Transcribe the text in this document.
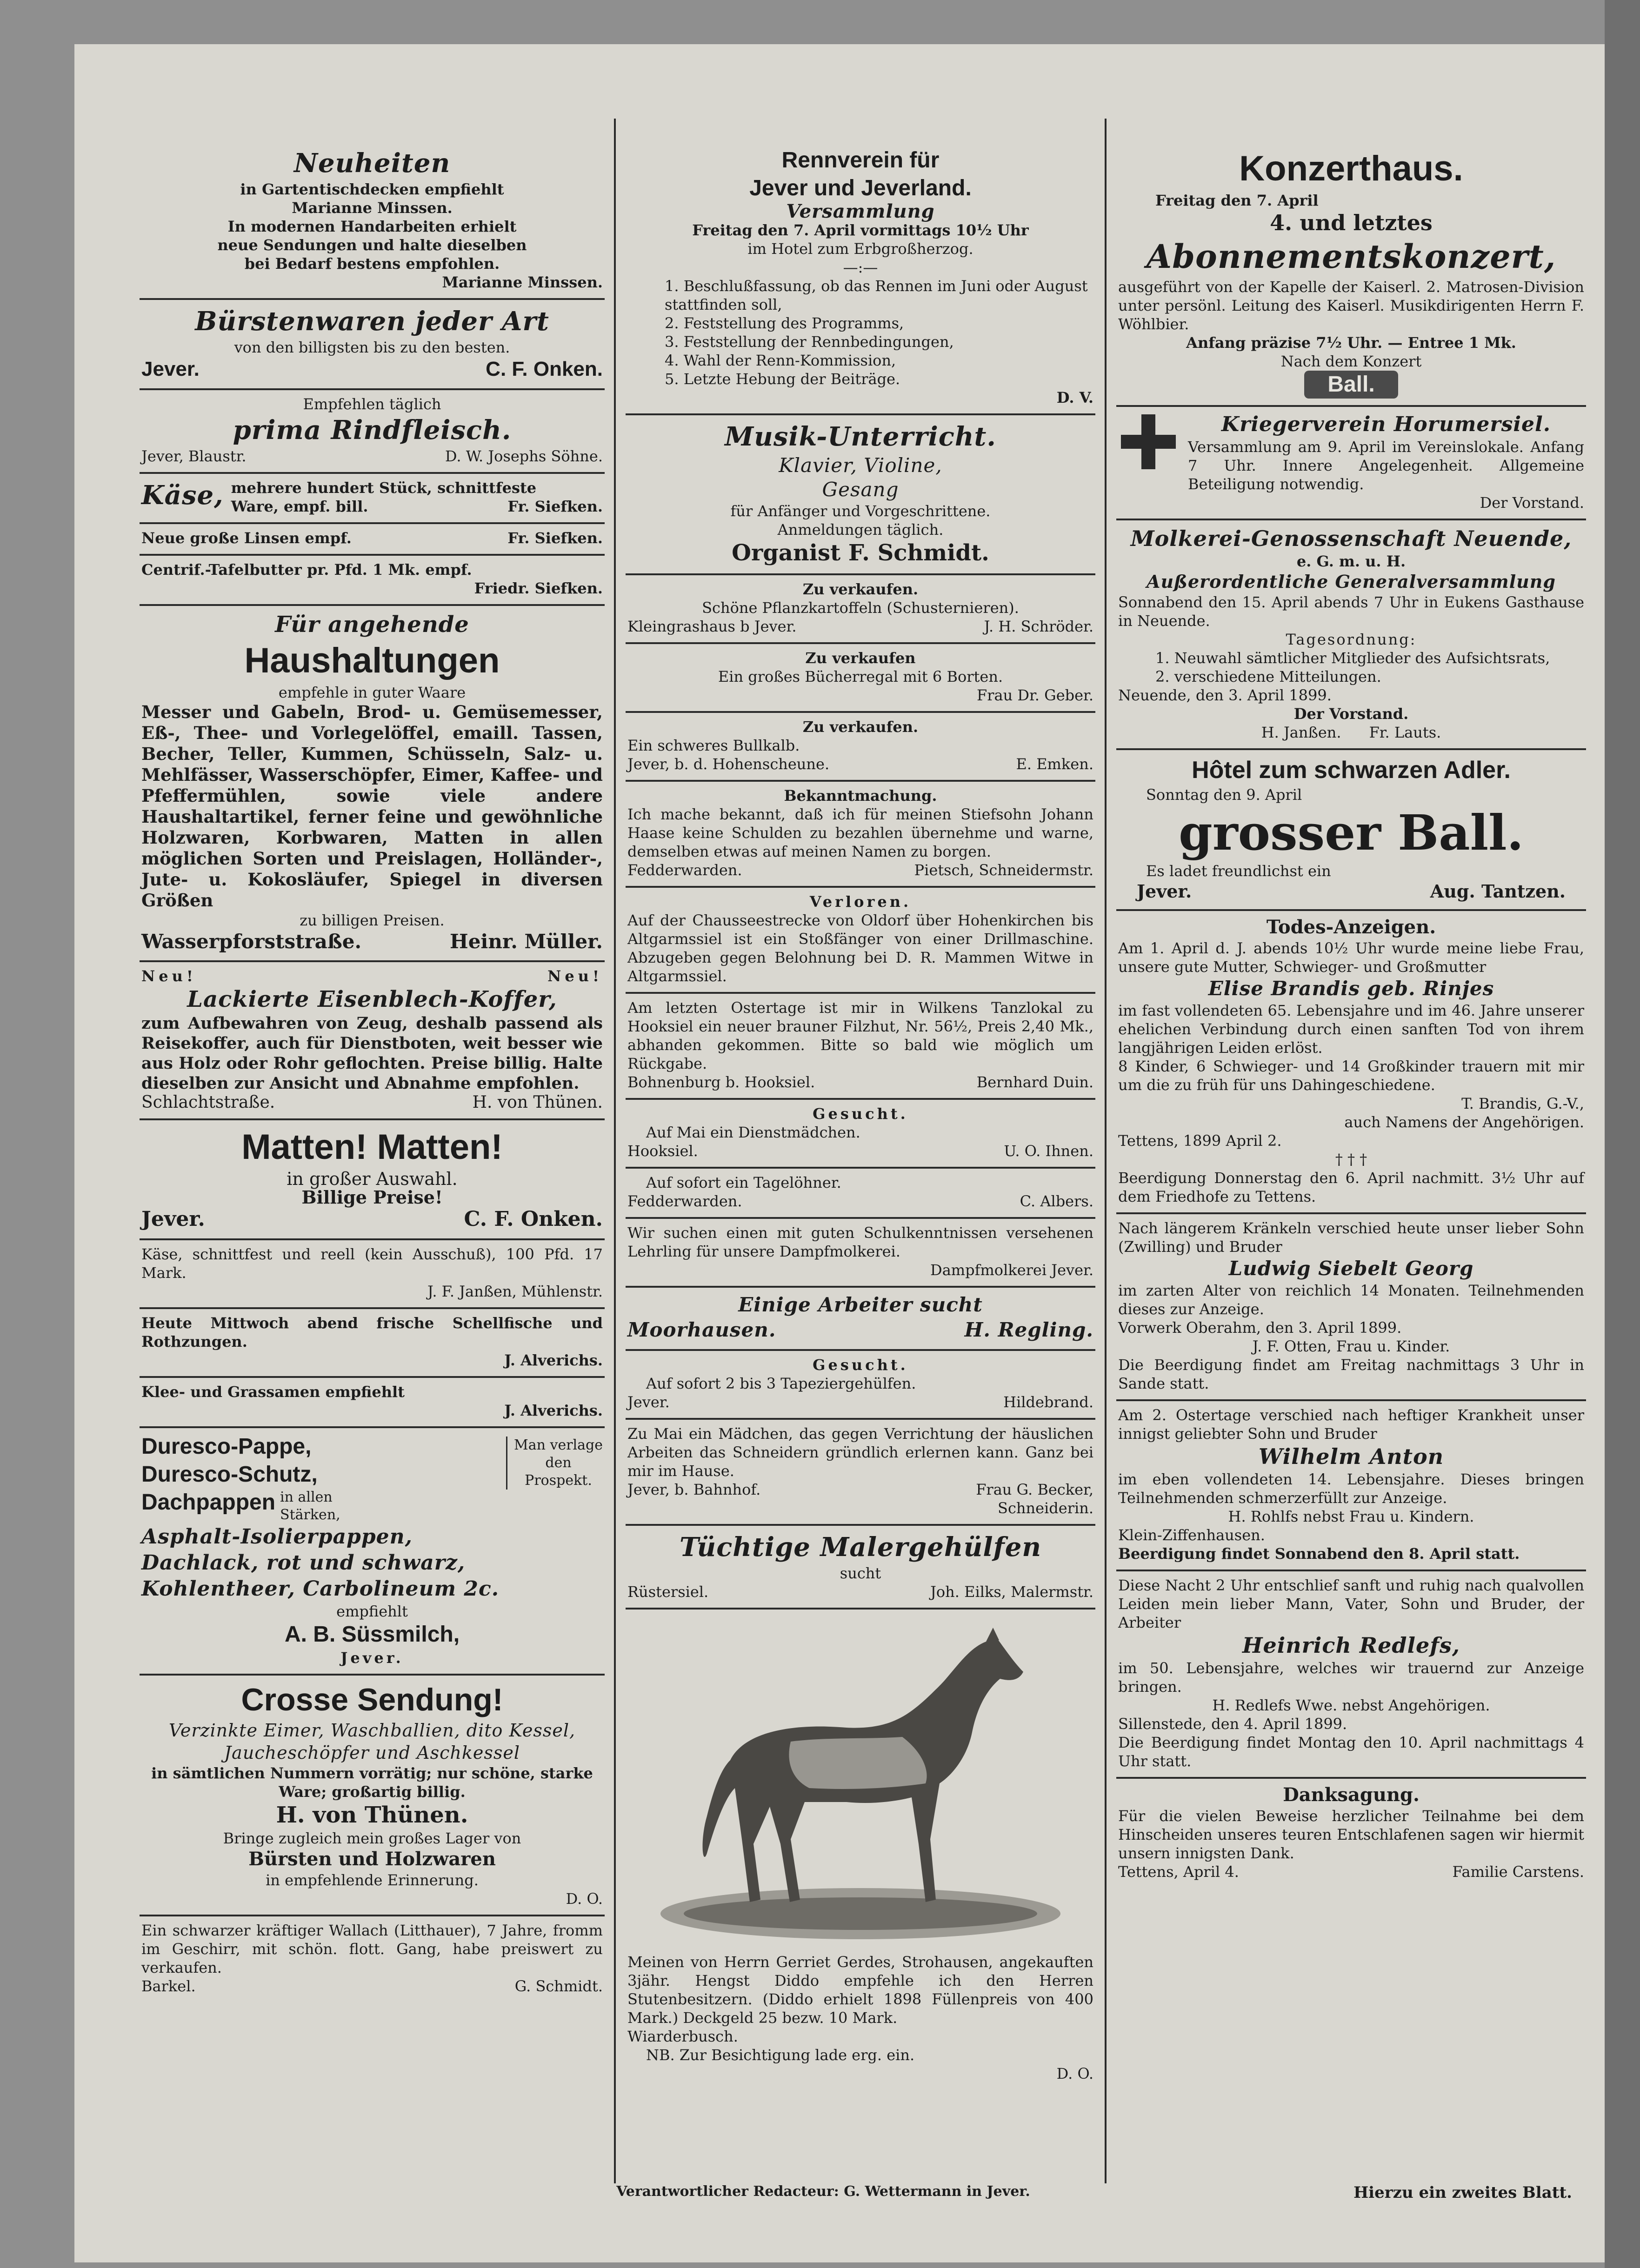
Neuheiten

in Gartentischdecken empfiehlt

Marianne Minssen.

In modernen Handarbeiten erhielt

neue Sendungen und halte dieselben

bei Bedarf bestens empfohlen.

Marianne Minssen.

Bürstenwaren jeder Art

von den billigsten bis zu den besten.

Jever.	C. F. Onken.

Empfehlen täglich

prima Rindfleisch.

Jever, Blaustr.	D. W. Josephs Söhne.
Käse, mehrere hundert Stück, schnittfeste

Ware, empf. bill.	Fr. Siefken.
Neue große Linsen empf.	Fr. Siefken.

Centrif.-Tafelbutter pr. Pfd. 1 Mk. empf.

Friedr. Siefken.

Für angehende

Haushaltungen

empfehle in guter Waare

Messer und Gabeln, Brod- u. Gemüsemesser, Eß-, Thee- und Vorlegelöffel, emaill. Tassen, Becher, Teller, Kummen, Schüsseln, Salz- u. Mehlfässer, Wasserschöpfer, Eimer, Kaffee- und Pfeffermühlen, sowie viele andere Haushaltartikel, ferner feine und gewöhnliche Holzwaren, Korbwaren, Matten in allen möglichen Sorten und Preislagen, Holländer-, Jute- u. Kokosläufer, Spiegel in diversen Größen

zu billigen Preisen.

Wasserpforststraße.	Heinr. Müller.
Neu!	Neu!

Lackierte Eisenblech-Koffer,

zum Aufbewahren von Zeug, deshalb passend als Reisekoffer, auch für Dienstboten, weit besser wie aus Holz oder Rohr geflochten. Preise billig. Halte dieselben zur Ansicht und Abnahme empfohlen.

Schlachtstraße.	H. von Thünen.

Matten! Matten!

in großer Auswahl.

Billige Preise!

Jever.	C. F. Onken.

Käse, schnittfest und reell (kein Ausschuß), 100 Pfd. 17 Mark.

J. F. Janßen, Mühlenstr.

Heute Mittwoch abend frische Schellfische und Rothzungen.

J. Alverichs.

Klee- und Grassamen empfiehlt

J. Alverichs.

Duresco-Pappe,

Duresco-Schutz,

Dachpappen in allen

Stärken,

Man verlage

den

Prospekt.

Asphalt-Isolierpappen,

Dachlack, rot und schwarz,

Kohlentheer, Carbolineum 2c.

empfiehlt

A. B. Süssmilch,

Jever.

Crosse Sendung!

Verzinkte Eimer, Waschballien, dito Kessel,

Jaucheschöpfer und Aschkessel

in sämtlichen Nummern vorrätig; nur schöne, starke

Ware; großartig billig.

H. von Thünen.

Bringe zugleich mein großes Lager von

Bürsten und Holzwaren

in empfehlende Erinnerung.

D. O.

Ein schwarzer kräftiger Wallach (Litthauer), 7 Jahre, fromm im Geschirr, mit schön. flott. Gang, habe preiswert zu verkaufen.

Barkel.	G. Schmidt.

Rennverein für

Jever und Jeverland.

Versammlung

Freitag den 7. April vormittags 10½ Uhr

im Hotel zum Erbgroßherzog.

—:—

1. Beschlußfassung, ob das Rennen im Juni oder August stattfinden soll,

2. Feststellung des Programms,

3. Feststellung der Rennbedingungen,

4. Wahl der Renn-Kommission,

5. Letzte Hebung der Beiträge.

D. V.

Musik-Unterricht.

Klavier, Violine,

Gesang

für Anfänger und Vorgeschrittene.

Anmeldungen täglich.

Organist F. Schmidt.

Zu verkaufen.

Schöne Pflanzkartoffeln (Schusternieren).

Kleingrashaus b Jever.	J. H. Schröder.

Zu verkaufen

Ein großes Bücherregal mit 6 Borten.

Frau Dr. Geber.

Zu verkaufen.

Ein schweres Bullkalb.

Jever, b. d. Hohenscheune.	E. Emken.

Bekanntmachung.

Ich mache bekannt, daß ich für meinen Stiefsohn Johann Haase keine Schulden zu bezahlen übernehme und warne, demselben etwas auf meinen Namen zu borgen.

Fedderwarden.	Pietsch, Schneidermstr.

Verloren.

Auf der Chausseestrecke von Oldorf über Hohenkirchen bis Altgarmssiel ist ein Stoßfänger von einer Drillmaschine. Abzugeben gegen Belohnung bei D. R. Mammen Witwe in Altgarmssiel.

Am letzten Ostertage ist mir in Wilkens Tanzlokal zu Hooksiel ein neuer brauner Filzhut, Nr. 56½, Preis 2,40 Mk., abhanden gekommen. Bitte so bald wie möglich um Rückgabe.

Bohnenburg b. Hooksiel.	Bernhard Duin.

Gesucht.

Auf Mai ein Dienstmädchen.

Hooksiel.	U. O. Ihnen.

Auf sofort ein Tagelöhner.

Fedderwarden.	C. Albers.

Wir suchen einen mit guten Schulkenntnissen versehenen Lehrling für unsere Dampfmolkerei.

Dampfmolkerei Jever.

Einige Arbeiter sucht

Moorhausen.	H. Regling.

Gesucht.

Auf sofort 2 bis 3 Tapeziergehülfen.

Jever.	Hildebrand.

Zu Mai ein Mädchen, das gegen Verrichtung der häuslichen Arbeiten das Schneidern gründlich erlernen kann. Ganz bei mir im Hause.

Jever, b. Bahnhof.	Frau G. Becker,

Schneiderin.

Tüchtige Malergehülfen

sucht

Rüstersiel.	Joh. Eilks, Malermstr.

Meinen von Herrn Gerriet Gerdes, Strohausen, angekauften 3jähr. Hengst Diddo empfehle ich den Herren Stutenbesitzern. (Diddo erhielt 1898 Füllenpreis von 400 Mark.) Deckgeld 25 bezw. 10 Mark.

Wiarderbusch.

NB. Zur Besichtigung lade erg. ein.

D. O.

Konzerthaus.

Freitag den 7. April

4. und letztes

Abonnementskonzert,

ausgeführt von der Kapelle der Kaiserl. 2. Matrosen-Division unter persönl. Leitung des Kaiserl. Musikdirigenten Herrn F. Wöhlbier.

Anfang präzise 7½ Uhr. — Entree 1 Mk.

Nach dem Konzert

Ball.

Kriegerverein Horumersiel.

Versammlung am 9. April im Vereinslokale. Anfang 7 Uhr. Innere Angelegenheit. Allgemeine Beteiligung notwendig.

Der Vorstand.

Molkerei-Genossenschaft Neuende,

e. G. m. u. H.

Außerordentliche Generalversammlung

Sonnabend den 15. April abends 7 Uhr in Eukens Gasthause in Neuende.

Tagesordnung:

1. Neuwahl sämtlicher Mitglieder des Aufsichtsrats,

2. verschiedene Mitteilungen.

Neuende, den 3. April 1899.

Der Vorstand.

H. Janßen. Fr. Lauts.

Hôtel zum schwarzen Adler.

Sonntag den 9. April

grosser Ball.

Es ladet freundlichst ein

Jever.	Aug. Tantzen.

Todes-Anzeigen.

Am 1. April d. J. abends 10½ Uhr wurde meine liebe Frau, unsere gute Mutter, Schwieger- und Großmutter

Elise Brandis geb. Rinjes

im fast vollendeten 65. Lebensjahre und im 46. Jahre unserer ehelichen Verbindung durch einen sanften Tod von ihrem langjährigen Leiden erlöst.

8 Kinder, 6 Schwieger- und 14 Großkinder trauern mit mir um die zu früh für uns Dahingeschiedene.

T. Brandis, G.-V.,

auch Namens der Angehörigen.

Tettens, 1899 April 2.

† † †

Beerdigung Donnerstag den 6. April nachmitt. 3½ Uhr auf dem Friedhofe zu Tettens.

Nach längerem Kränkeln verschied heute unser lieber Sohn (Zwilling) und Bruder

Ludwig Siebelt Georg

im zarten Alter von reichlich 14 Monaten. Teilnehmenden dieses zur Anzeige.

Vorwerk Oberahm, den 3. April 1899.

J. F. Otten, Frau u. Kinder.

Die Beerdigung findet am Freitag nachmittags 3 Uhr in Sande statt.

Am 2. Ostertage verschied nach heftiger Krankheit unser innigst geliebter Sohn und Bruder

Wilhelm Anton

im eben vollendeten 14. Lebensjahre. Dieses bringen Teilnehmenden schmerzerfüllt zur Anzeige.

H. Rohlfs nebst Frau u. Kindern.

Klein-Ziffenhausen.

Beerdigung findet Sonnabend den 8. April statt.

Diese Nacht 2 Uhr entschlief sanft und ruhig nach qualvollen Leiden mein lieber Mann, Vater, Sohn und Bruder, der Arbeiter

Heinrich Redlefs,

im 50. Lebensjahre, welches wir trauernd zur Anzeige bringen.

H. Redlefs Wwe. nebst Angehörigen.

Sillenstede, den 4. April 1899.

Die Beerdigung findet Montag den 10. April nachmittags 4 Uhr statt.

Danksagung.

Für die vielen Beweise herzlicher Teilnahme bei dem Hinscheiden unseres teuren Entschlafenen sagen wir hiermit unsern innigsten Dank.

Tettens, April 4.	Familie Carstens.
Verantwortlicher Redacteur: G. Wettermann in Jever.	Hierzu ein zweites Blatt.
